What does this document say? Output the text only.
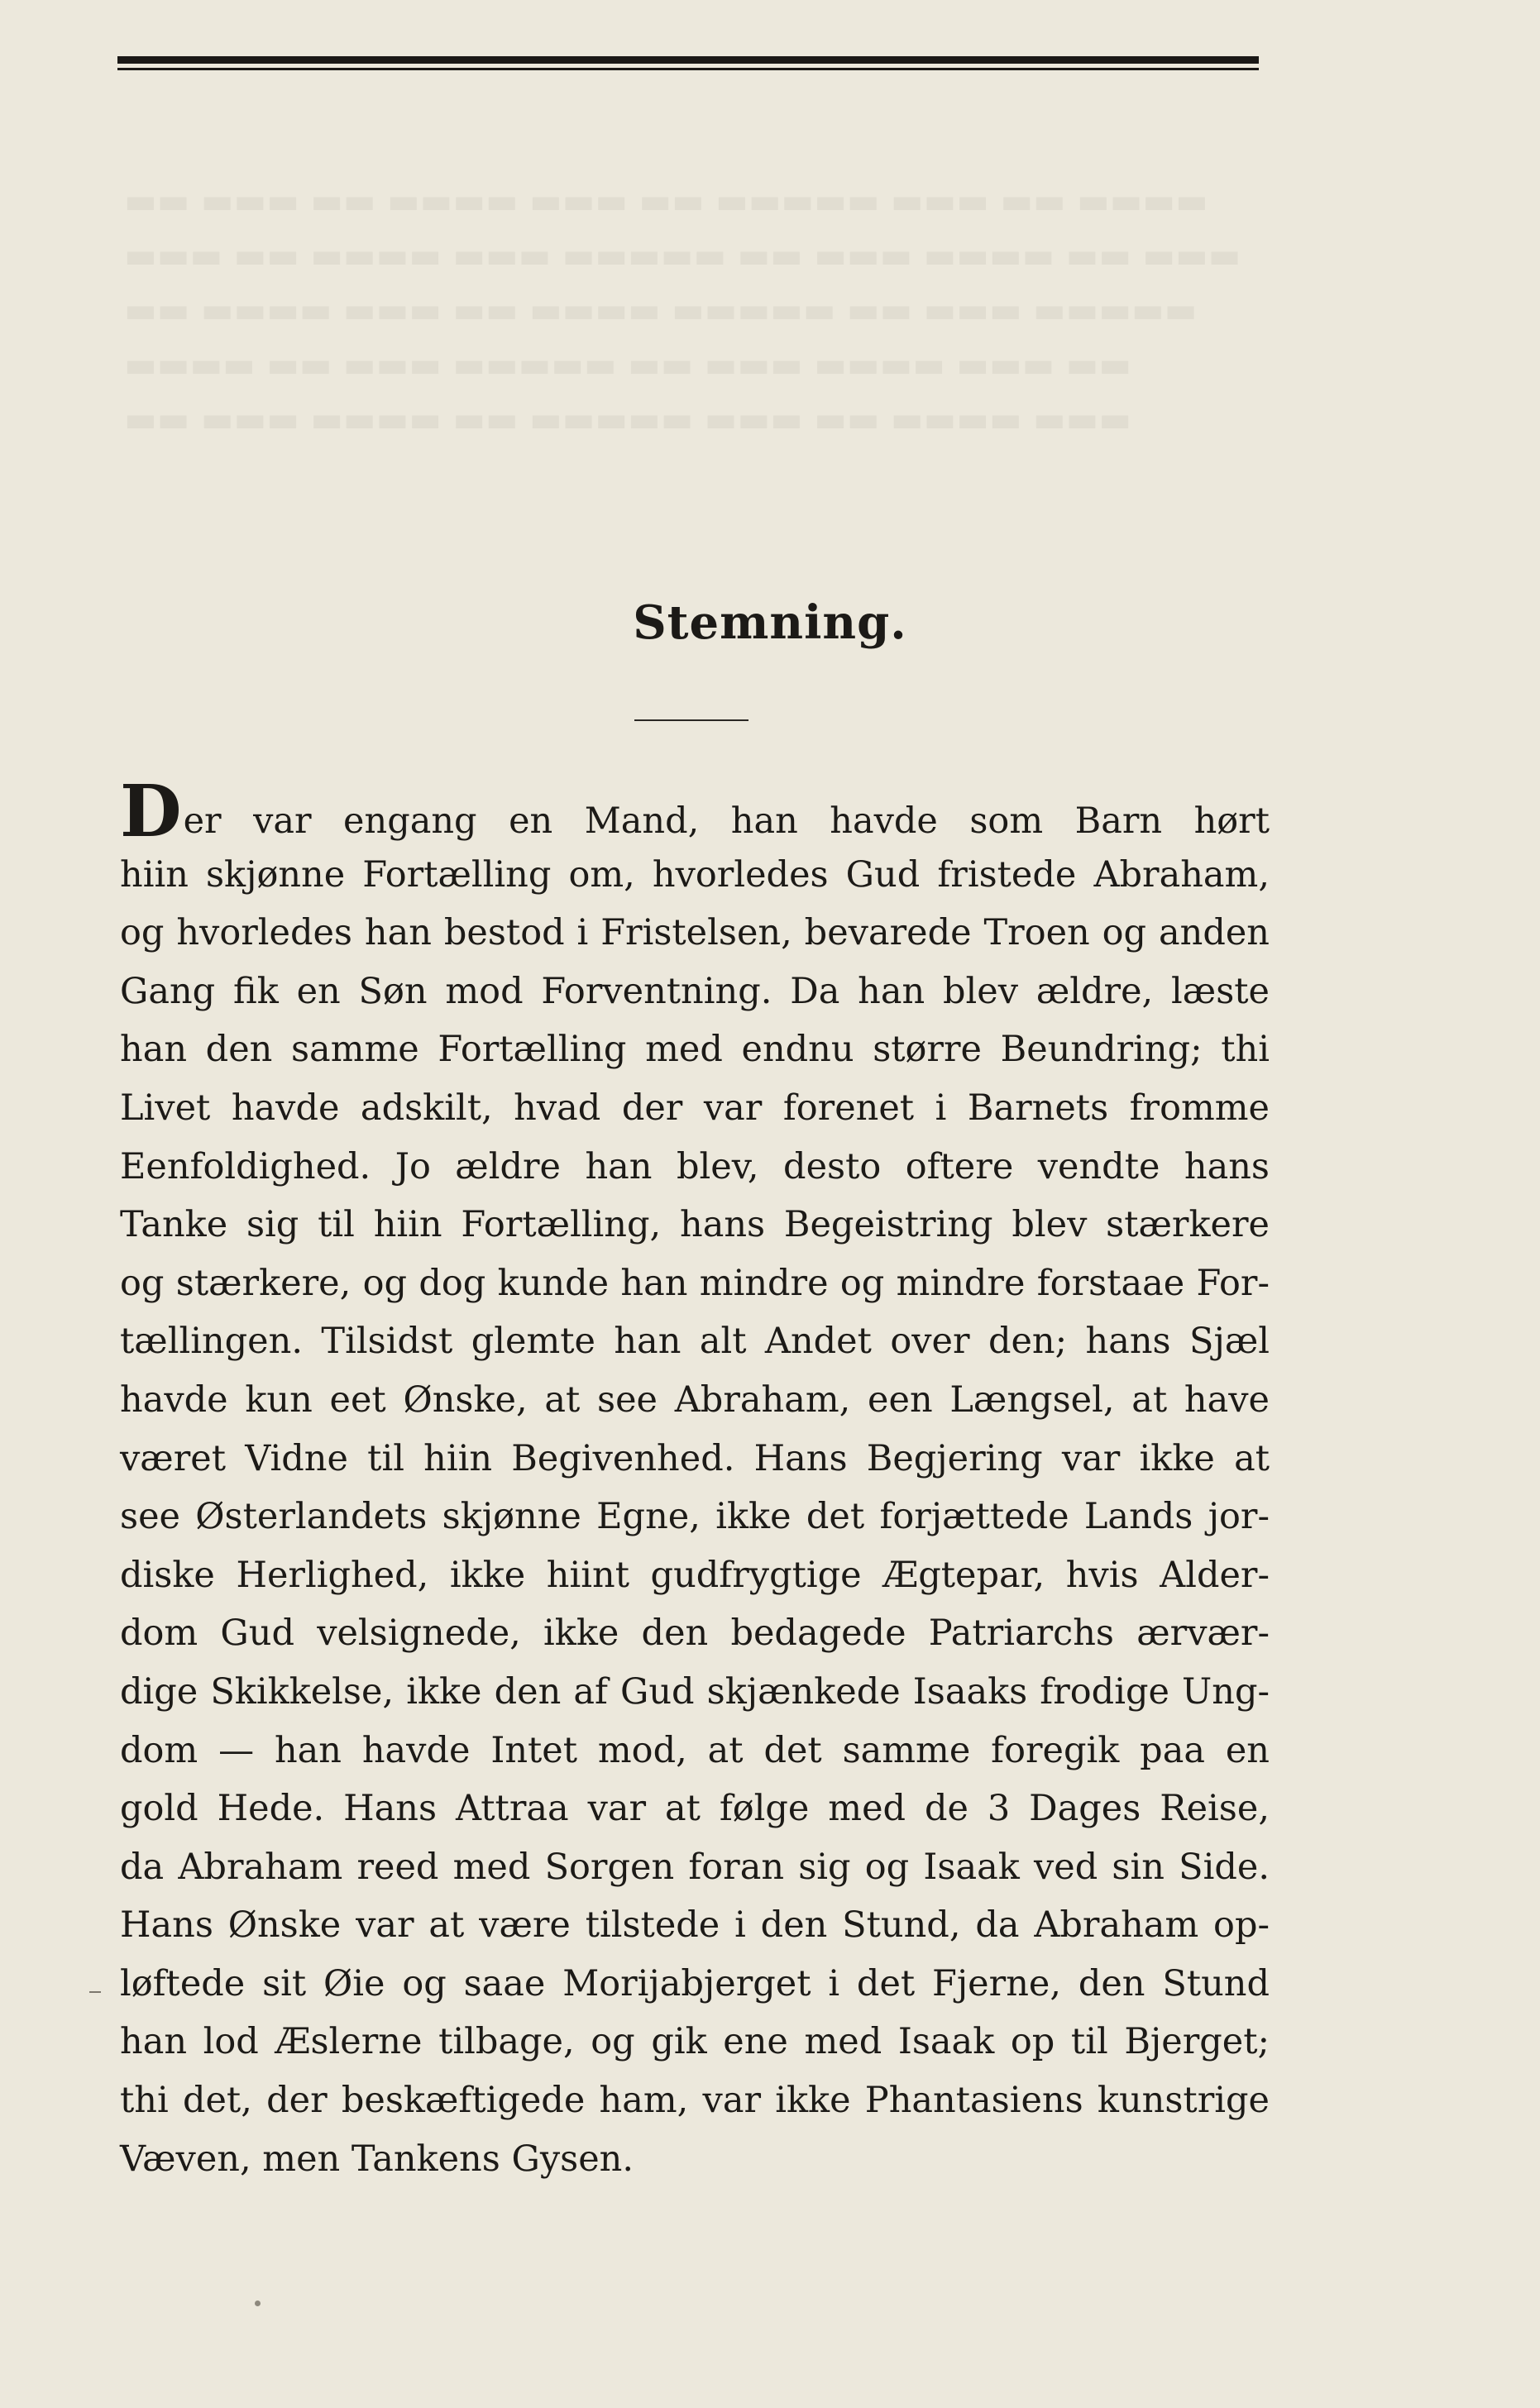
▬▬ ▬▬▬ ▬▬ ▬▬▬▬ ▬▬▬ ▬▬ ▬▬▬▬▬ ▬▬▬ ▬▬ ▬▬▬▬
▬▬▬ ▬▬ ▬▬▬▬ ▬▬▬ ▬▬▬▬▬ ▬▬ ▬▬▬ ▬▬▬▬ ▬▬ ▬▬▬
▬▬ ▬▬▬▬ ▬▬▬ ▬▬ ▬▬▬▬ ▬▬▬▬▬ ▬▬ ▬▬▬ ▬▬▬▬▬
▬▬▬▬ ▬▬ ▬▬▬ ▬▬▬▬▬ ▬▬ ▬▬▬ ▬▬▬▬ ▬▬▬ ▬▬
▬▬ ▬▬▬ ▬▬▬▬ ▬▬ ▬▬▬▬▬ ▬▬▬ ▬▬ ▬▬▬▬ ▬▬▬
Stemning.
Der var engang en Mand, han havde som Barn hørt
hiin skjønne Fortælling om, hvorledes Gud fristede Abraham,
og hvorledes han bestod i Fristelsen, bevarede Troen og anden
Gang fik en Søn mod Forventning. Da han blev ældre, læste
han den samme Fortælling med endnu større Beundring; thi
Livet havde adskilt, hvad der var forenet i Barnets fromme
Eenfoldighed. Jo ældre han blev, desto oftere vendte hans
Tanke sig til hiin Fortælling, hans Begeistring blev stærkere
og stærkere, og dog kunde han mindre og mindre forstaae For-
tællingen. Tilsidst glemte han alt Andet over den; hans Sjæl
havde kun eet Ønske, at see Abraham, een Længsel, at have
været Vidne til hiin Begivenhed. Hans Begjering var ikke at
see Østerlandets skjønne Egne, ikke det forjættede Lands jor-
diske Herlighed, ikke hiint gudfrygtige Ægtepar, hvis Alder-
dom Gud velsignede, ikke den bedagede Patriarchs ærvær-
dige Skikkelse, ikke den af Gud skjænkede Isaaks frodige Ung-
dom — han havde Intet mod, at det samme foregik paa en
gold Hede. Hans Attraa var at følge med de 3 Dages Reise,
da Abraham reed med Sorgen foran sig og Isaak ved sin Side.
Hans Ønske var at være tilstede i den Stund, da Abraham op-
løftede sit Øie og saae Morijabjerget i det Fjerne, den Stund
han lod Æslerne tilbage, og gik ene med Isaak op til Bjerget;
thi det, der beskæftigede ham, var ikke Phantasiens kunstrige
Væven, men Tankens Gysen.
